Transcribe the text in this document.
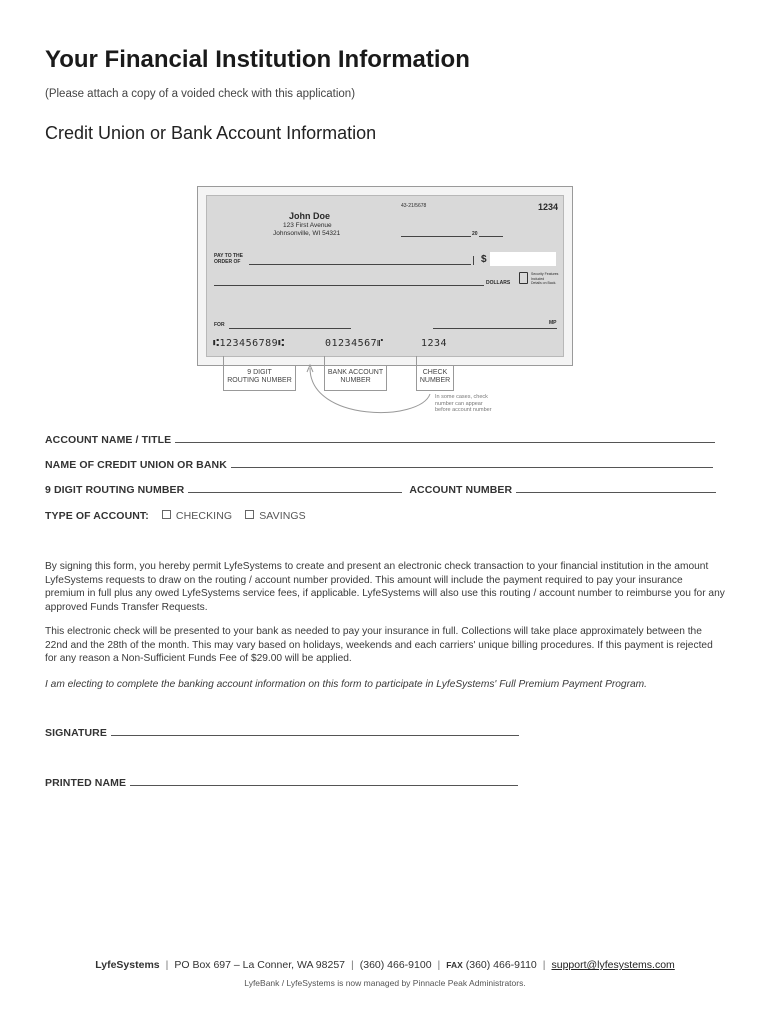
Your Financial Institution Information
(Please attach a copy of a voided check with this application)
Credit Union or Bank Account Information
John Doe
123 First Avenue
Johnsonville, WI 54321
43-21/5678	1234
20
PAY TO THE
ORDER OF	$
DOLLARS
Security Features
Included
Details on Back.
FOR	MP
⑆123456789⑆	01234567⑈	1234
9 DIGIT
ROUTING NUMBER
BANK ACCOUNT
NUMBER
CHECK
NUMBER
In some cases, check
number can appear
before account number
ACCOUNT NAME / TITLE
NAME OF CREDIT UNION OR BANK
9 DIGIT ROUTING NUMBER	ACCOUNT NUMBER
TYPE OF ACCOUNT:	CHECKING	SAVINGS

By signing this form, you hereby permit LyfeSystems to create and present an electronic check transaction to your financial institution in the amount LyfeSystems requests to draw on the routing / account number provided. This amount will include the payment required to pay your insurance premium in full plus any owed LyfeSystems service fees, if applicable. LyfeSystems will also use this routing / account number to reimburse you for any approved Funds Transfer Requests.

This electronic check will be presented to your bank as needed to pay your insurance in full. Collections will take place approximately between the 22nd and the 28th of the month. This may vary based on holidays, weekends and each carriers' unique billing procedures. If this payment is rejected for any reason a Non-Sufficient Funds Fee of $29.00 will be applied.

I am electing to complete the banking account information on this form to participate in LyfeSystems' Full Premium Payment Program.

SIGNATURE
PRINTED NAME
LyfeSystems | PO Box 697 – La Conner, WA 98257 | (360) 466-9100 | FAX (360) 466-9110 | support@lyfesystems.com
LyfeBank / LyfeSystems is now managed by Pinnacle Peak Administrators.
